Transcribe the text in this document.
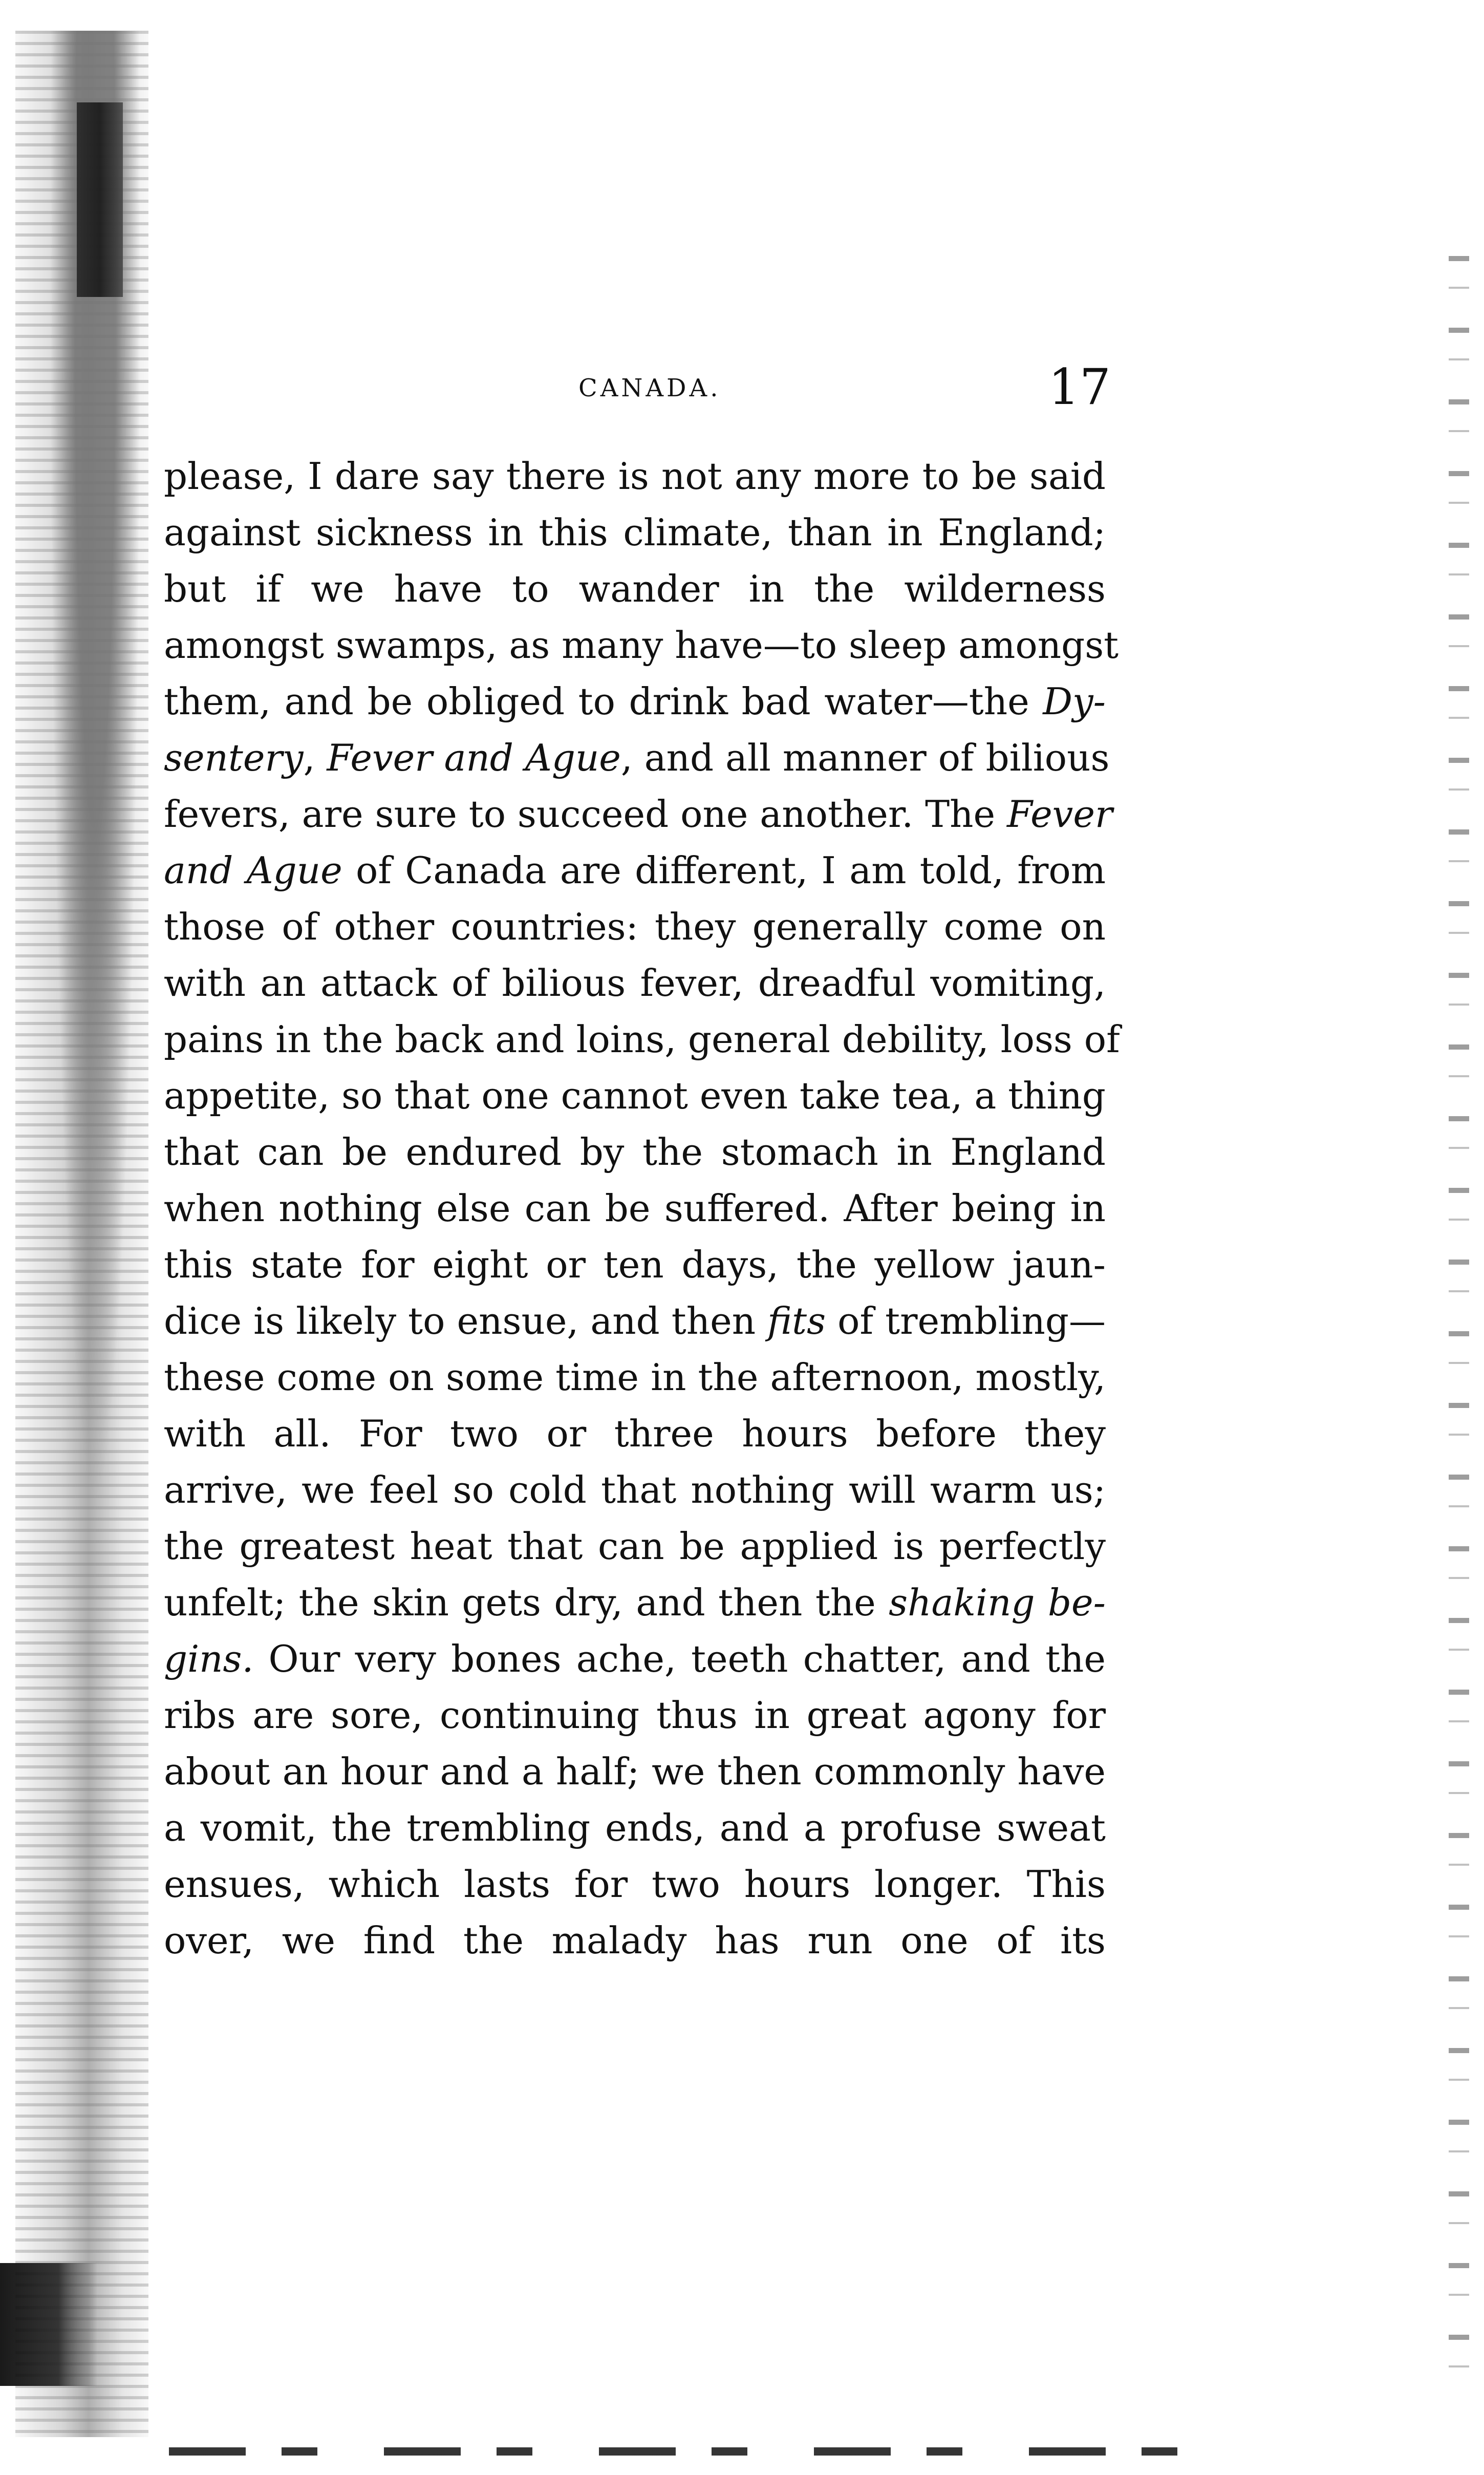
CANADA.	17
please, I dare say there is not any more to be said
against sickness in this climate, than in England;
but if we have to wander in the wilderness
amongst swamps, as many have—to sleep amongst
them, and be obliged to drink bad water—the Dy-
sentery, Fever and Ague, and all manner of bilious
fevers, are sure to succeed one another. The Fever
and Ague of Canada are different, I am told, from
those of other countries: they generally come on
with an attack of bilious fever, dreadful vomiting,
pains in the back and loins, general debility, loss of
appetite, so that one cannot even take tea, a thing
that can be endured by the stomach in England
when nothing else can be suffered. After being in
this state for eight or ten days, the yellow jaun-
dice is likely to ensue, and then fits of trembling—
these come on some time in the afternoon, mostly,
with all. For two or three hours before they
arrive, we feel so cold that nothing will warm us;
the greatest heat that can be applied is perfectly
unfelt; the skin gets dry, and then the shaking be-
gins. Our very bones ache, teeth chatter, and the
ribs are sore, continuing thus in great agony for
about an hour and a half; we then commonly have
a vomit, the trembling ends, and a profuse sweat
ensues, which lasts for two hours longer. This
over, we find the malady has run one of its
